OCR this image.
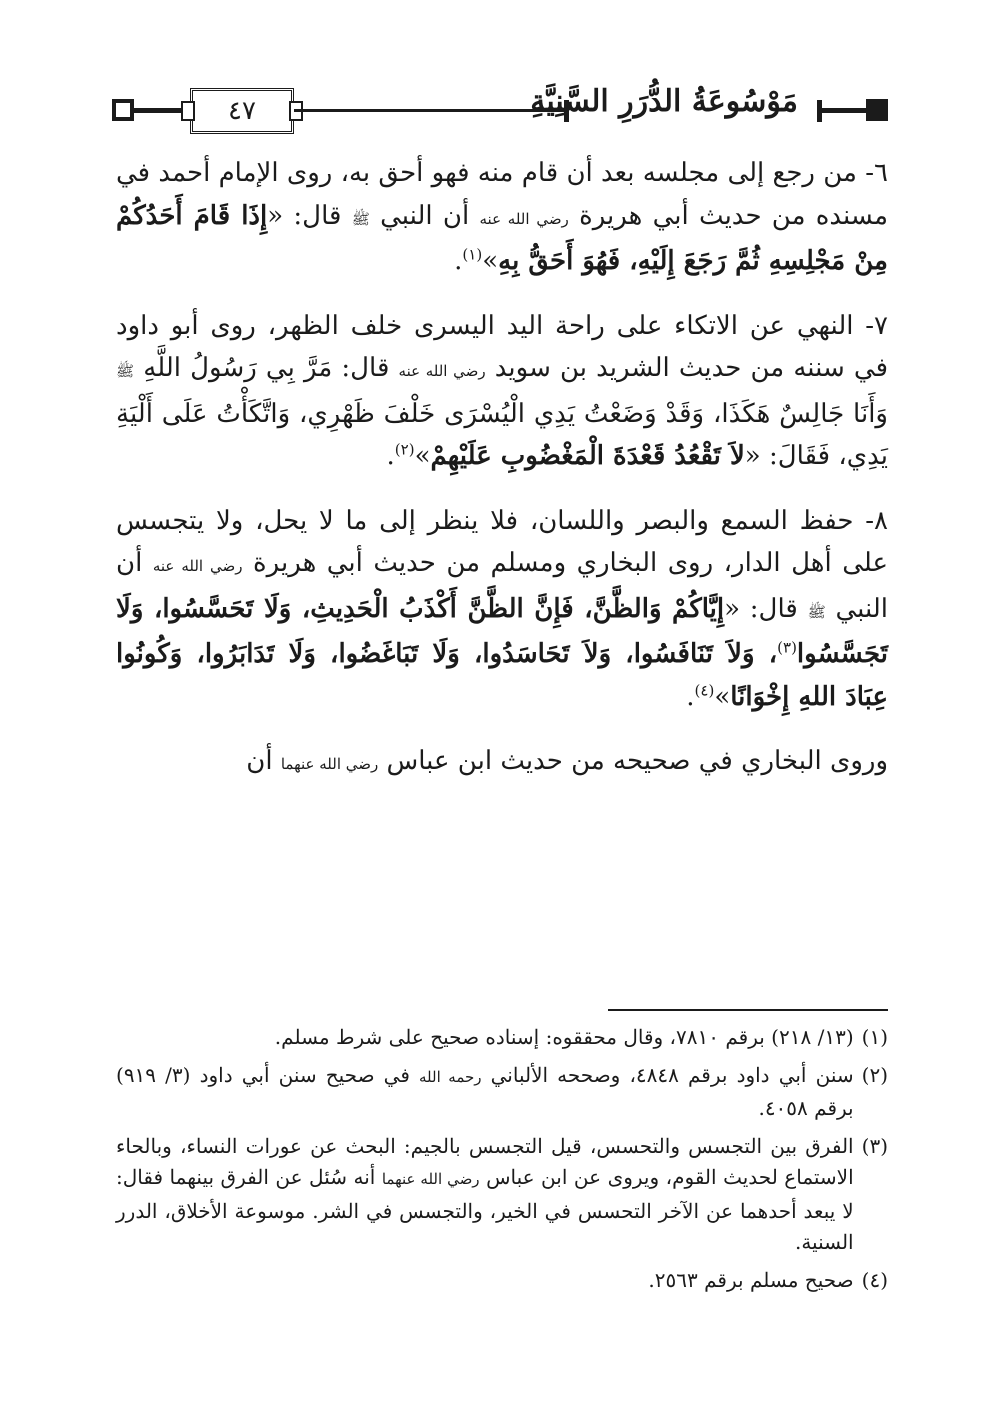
٤٧	مَوْسُوعَةُ الدُّرَرِ السَّنِيَّةِ

٦- من رجع إلى مجلسه بعد أن قام منه فهو أحق به، روى الإمام أحمد في مسنده من حديث أبي هريرة رضي الله عنه أن النبي ﷺ قال: «إِذَا قَامَ أَحَدُكُمْ مِنْ مَجْلِسِهِ ثُمَّ رَجَعَ إِلَيْهِ، فَهُوَ أَحَقُّ بِهِ»$^{(١)}$.

٧- النهي عن الاتكاء على راحة اليد اليسرى خلف الظهر، روى أبو داود في سننه من حديث الشريد بن سويد رضي الله عنه قال: مَرَّ بِي رَسُولُ اللَّهِ ﷺ وَأَنَا جَالِسٌ هَكَذَا، وَقَدْ وَضَعْتُ يَدِي الْيُسْرَى خَلْفَ ظَهْرِي، وَاتَّكَأْتُ عَلَى أَلْيَةِ يَدِي، فَقَالَ: «لاَ تَقْعُدُ قَعْدَةَ الْمَغْضُوبِ عَلَيْهِمْ»$^{(٢)}$.

٨- حفظ السمع والبصر واللسان، فلا ينظر إلى ما لا يحل، ولا يتجسس على أهل الدار، روى البخاري ومسلم من حديث أبي هريرة رضي الله عنه أن النبي ﷺ قال: «إِيَّاكُمْ وَالظَّنَّ، فَإِنَّ الظَّنَّ أَكْذَبُ الْحَدِيثِ، وَلَا تَحَسَّسُوا، وَلَا تَجَسَّسُوا$^{(٣)}$، وَلاَ تَنَافَسُوا، وَلاَ تَحَاسَدُوا، وَلَا تَبَاغَضُوا، وَلَا تَدَابَرُوا، وَكُونُوا عِبَادَ اللهِ إِخْوَانًا»$^{(٤)}$.

وروى البخاري في صحيحه من حديث ابن عباس رضي الله عنهما أن

(١)
(١٣/ ٢١٨) برقم ٧٨١٠، وقال محققوه: إسناده صحيح على شرط مسلم.

(٢)
سنن أبي داود برقم ٤٨٤٨، وصححه الألباني رحمه الله في صحيح سنن أبي داود (٣/ ٩١٩) برقم ٤٠٥٨.

(٣)
الفرق بين التجسس والتحسس، قيل التجسس بالجيم: البحث عن عورات النساء، وبالحاء الاستماع لحديث القوم، ويروى عن ابن عباس رضي الله عنهما أنه سُئل عن الفرق بينهما فقال: لا يبعد أحدهما عن الآخر التحسس في الخير، والتجسس في الشر. موسوعة الأخلاق، الدرر السنية.

(٤)
صحيح مسلم برقم ٢٥٦٣.
